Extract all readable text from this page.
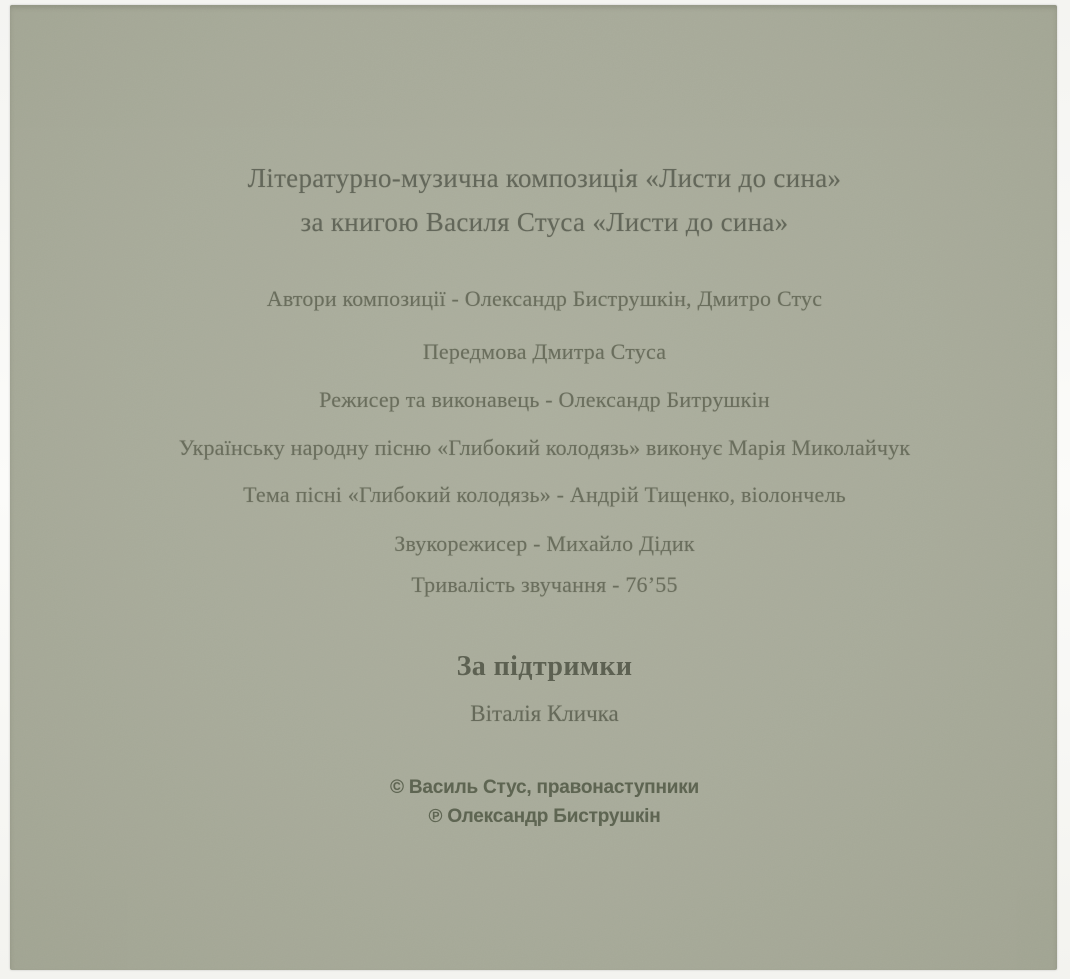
Літературно-музична композиція «Листи до сина»
за книгою Василя Стуса «Листи до сина»
Автори композиції - Олександр Биструшкін, Дмитро Стус
Передмова Дмитра Стуса
Режисер та виконавець - Олександр Битрушкін
Українську народну пісню «Глибокий колодязь» виконує Марія Миколайчук
Тема пісні «Глибокий колодязь» - Андрій Тищенко, віолончель
Звукорежисер - Михайло Дідик
Тривалість звучання - 76’55
За підтримки
Віталія Кличка
© Василь Стус, правонаступники
℗ Олександр Биструшкін
